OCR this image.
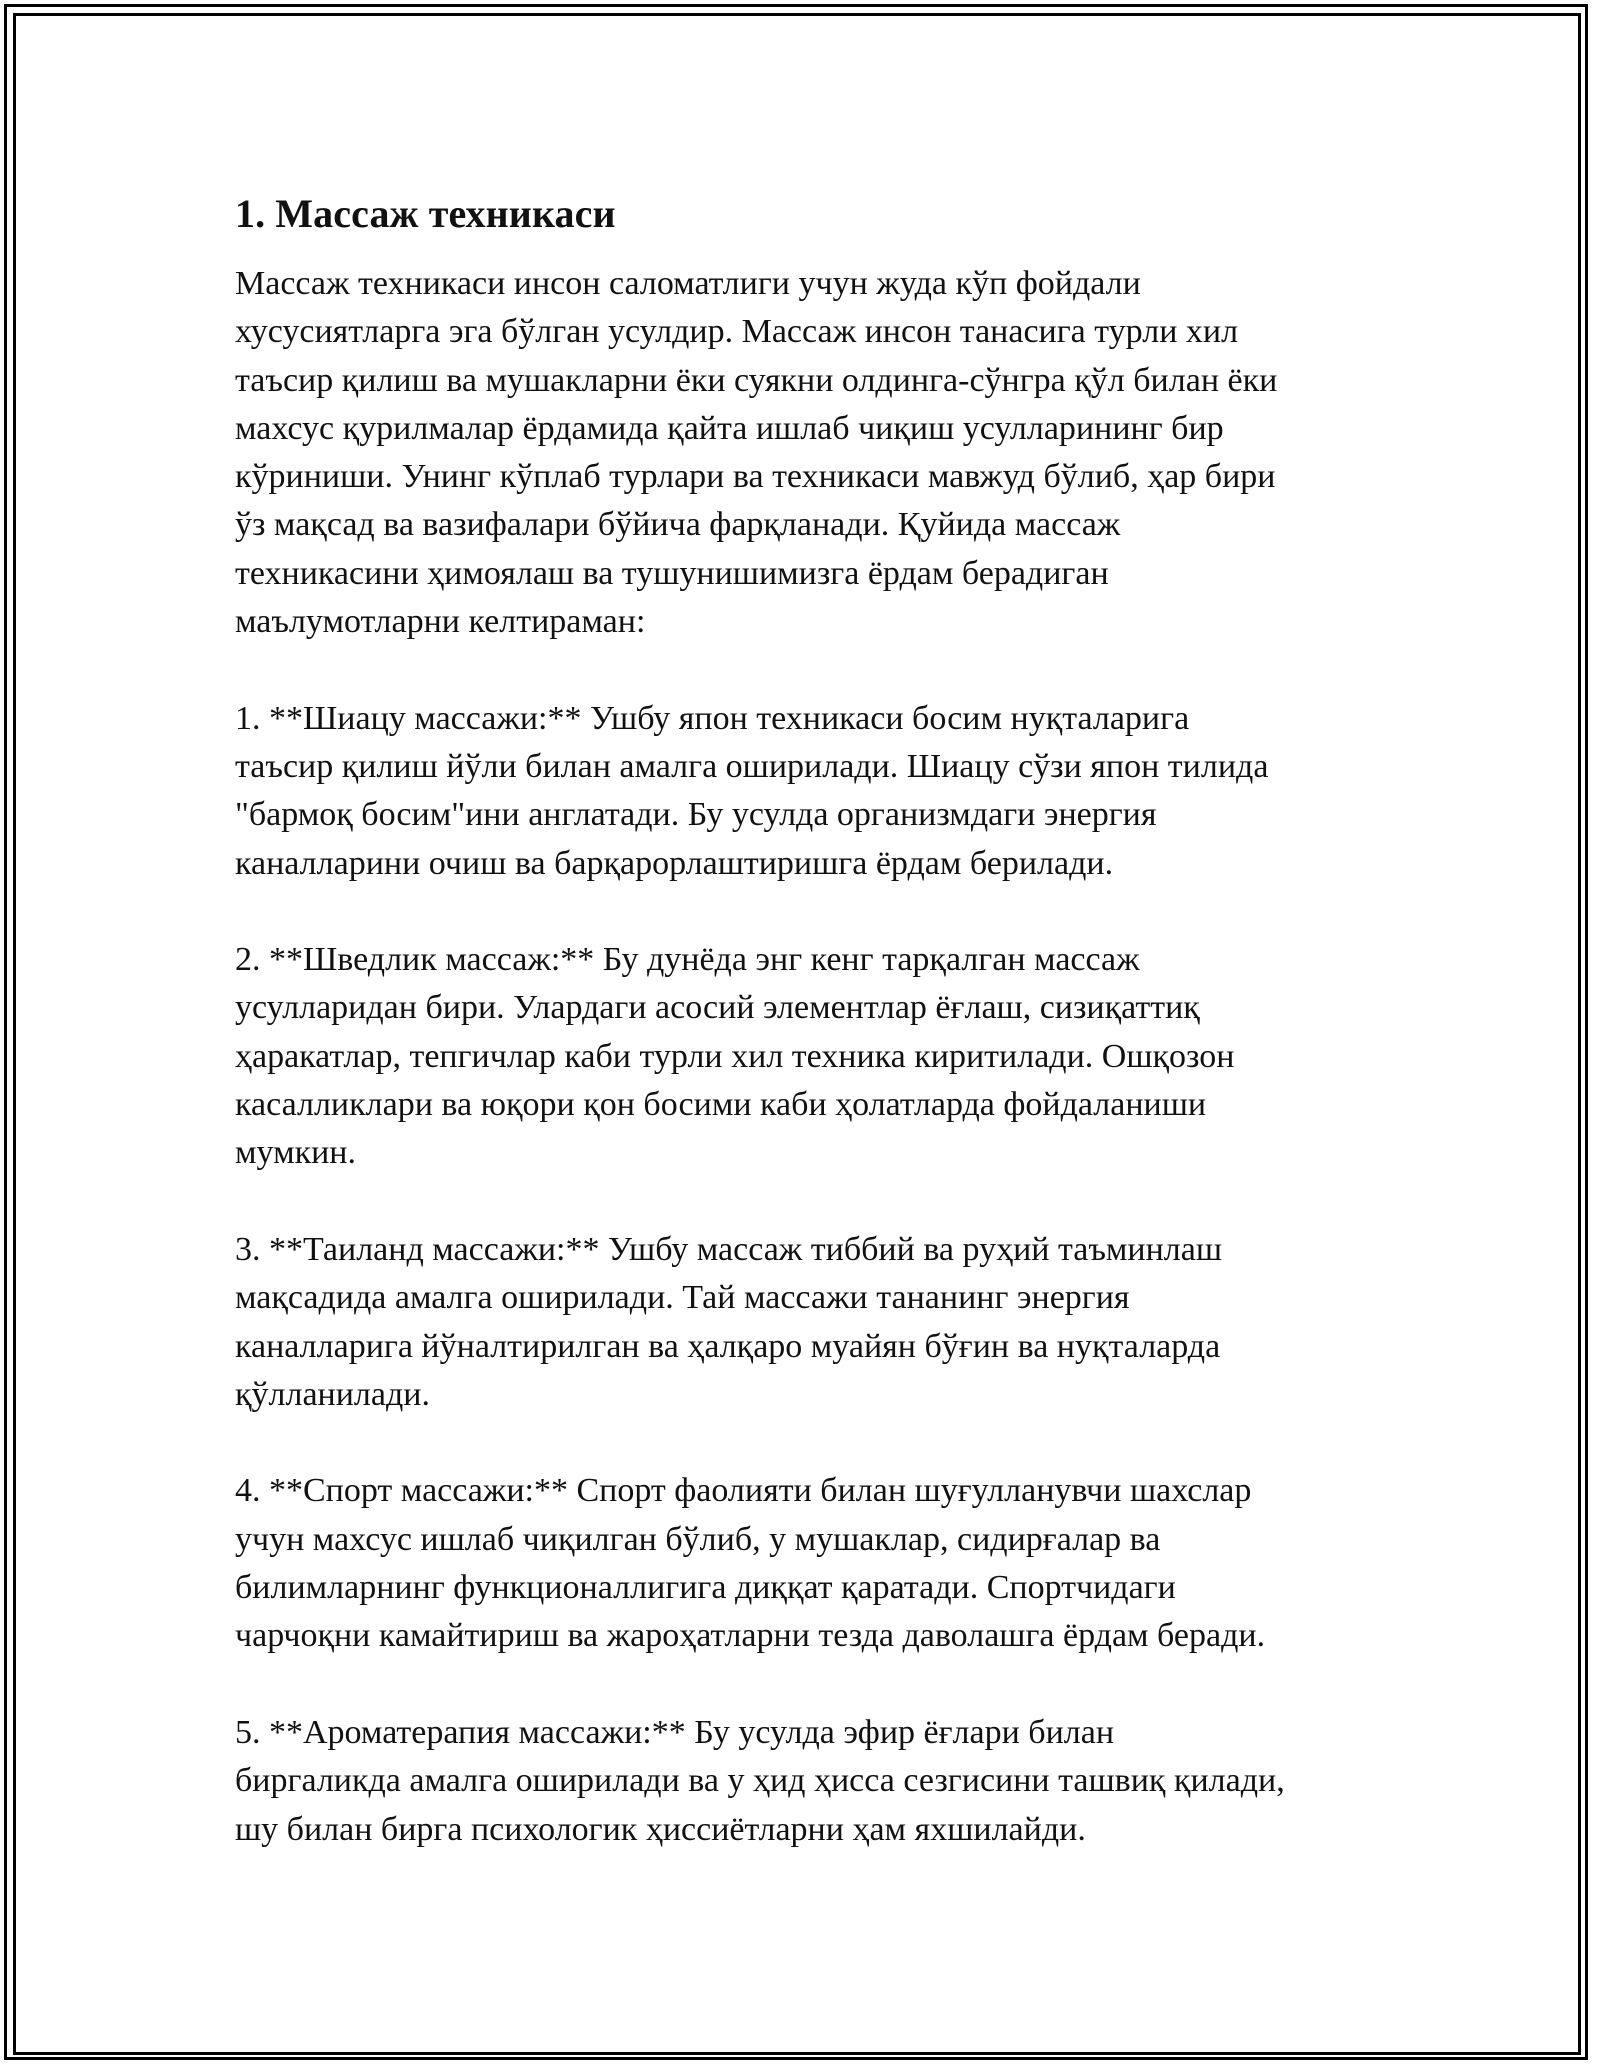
1. Массаж техникаси

Массаж техникаси инсон саломатлиги учун жуда кўп фойдали
хусусиятларга эга бўлган усулдир. Массаж инсон танасига турли хил
таъсир қилиш ва мушакларни ёки суякни олдинга-сўнгра қўл билан ёки
махсус қурилмалар ёрдамида қайта ишлаб чиқиш усулларининг бир
кўриниши. Унинг кўплаб турлари ва техникаси мавжуд бўлиб, ҳар бири
ўз мақсад ва вазифалари бўйича фарқланади. Қуйида массаж
техникасини ҳимоялаш ва тушунишимизга ёрдам берадиган
маълумотларни келтираман:

1. **Шиацу массажи:** Ушбу япон техникаси босим нуқталарига
таъсир қилиш йўли билан амалга оширилади. Шиацу сўзи япон тилида
"бармоқ босим"ини англатади. Бу усулда организмдаги энергия
каналларини очиш ва барқарорлаштиришга ёрдам берилади.

2. **Шведлик массаж:** Бу дунёда энг кенг тарқалган массаж
усулларидан бири. Улардаги асосий элементлар ёғлаш, сизиқаттиқ
ҳаракатлар, тепгичлар каби турли хил техника киритилади. Ошқозон
касалликлари ва юқори қон босими каби ҳолатларда фойдаланиши
мумкин.

3. **Таиланд массажи:** Ушбу массаж тиббий ва руҳий таъминлаш
мақсадида амалга оширилади. Тай массажи тананинг энергия
каналларига йўналтирилган ва ҳалқаро муайян бўғин ва нуқталарда
қўлланилади.

4. **Спорт массажи:** Спорт фаолияти билан шуғулланувчи шахслар
учун махсус ишлаб чиқилган бўлиб, у мушаклар, сидирғалар ва
билимларнинг функционаллигига диққат қаратади. Спортчидаги
чарчоқни камайтириш ва жароҳатларни тезда даволашга ёрдам беради.

5. **Ароматерапия массажи:** Бу усулда эфир ёғлари билан
биргаликда амалга оширилади ва у ҳид ҳисса сезгисини ташвиқ қилади,
шу билан бирга психологик ҳиссиётларни ҳам яхшилайди.
